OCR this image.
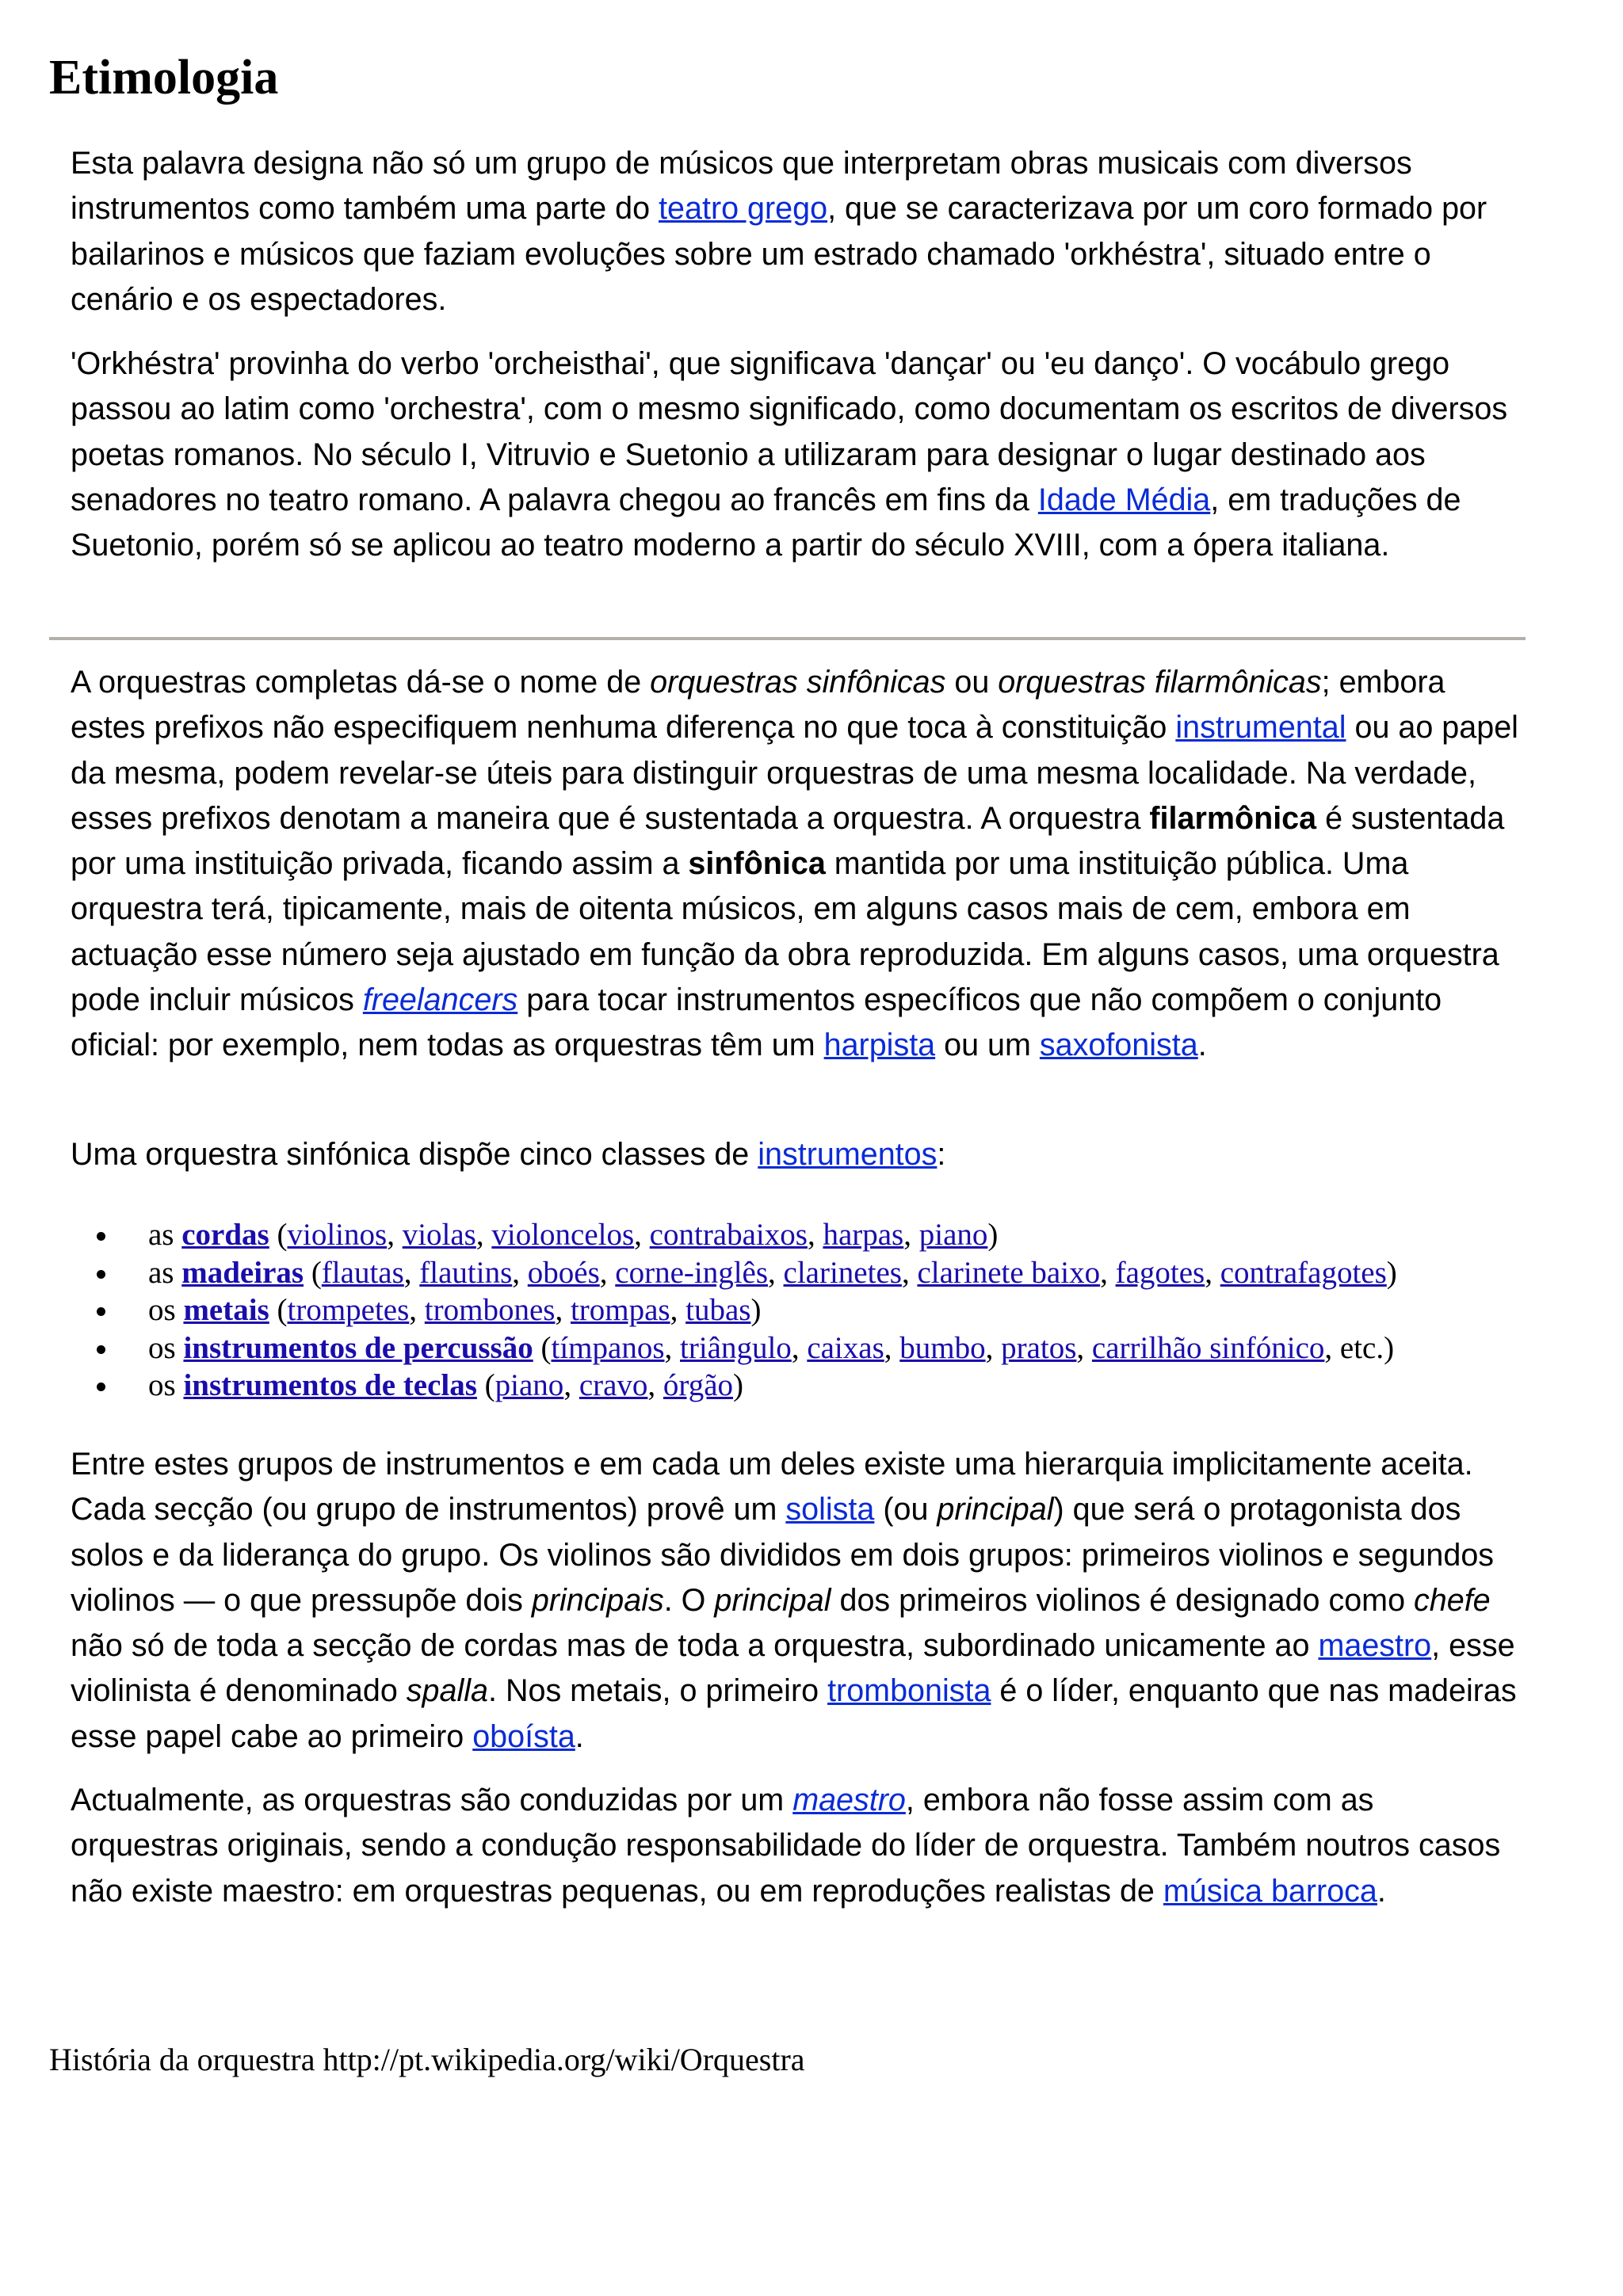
Etimologia

Esta palavra designa não só um grupo de músicos que interpretam obras musicais com diversos instrumentos como também uma parte do teatro grego, que se caracterizava por um coro formado por bailarinos e músicos que faziam evoluções sobre um estrado chamado 'orkhéstra', situado entre o cenário e os espectadores.

'Orkhéstra' provinha do verbo 'orcheisthai', que significava 'dançar' ou 'eu danço'. O vocábulo grego passou ao latim como 'orchestra', com o mesmo significado, como documentam os escritos de diversos poetas romanos. No século I, Vitruvio e Suetonio a utilizaram para designar o lugar destinado aos senadores no teatro romano. A palavra chegou ao francês em fins da Idade Média, em traduções de Suetonio, porém só se aplicou ao teatro moderno a partir do século XVIII, com a ópera italiana.

A orquestras completas dá-se o nome de orquestras sinfônicas ou orquestras filarmônicas; embora estes prefixos não especifiquem nenhuma diferença no que toca à constituição instrumental ou ao papel da mesma, podem revelar-se úteis para distinguir orquestras de uma mesma localidade. Na verdade, esses prefixos denotam a maneira que é sustentada a orquestra. A orquestra filarmônica é sustentada por uma instituição privada, ficando assim a sinfônica mantida por uma instituição pública. Uma orquestra terá, tipicamente, mais de oitenta músicos, em alguns casos mais de cem, embora em actuação esse número seja ajustado em função da obra reproduzida. Em alguns casos, uma orquestra pode incluir músicos freelancers para tocar instrumentos específicos que não compõem o conjunto oficial: por exemplo, nem todas as orquestras têm um harpista ou um saxofonista.

Uma orquestra sinfónica dispõe cinco classes de instrumentos:

as cordas (violinos, violas, violoncelos, contrabaixos, harpas, piano)
as madeiras (flautas, flautins, oboés, corne-inglês, clarinetes, clarinete baixo, fagotes, contrafagotes)
os metais (trompetes, trombones, trompas, tubas)
os instrumentos de percussão (tímpanos, triângulo, caixas, bumbo, pratos, carrilhão sinfónico, etc.)
os instrumentos de teclas (piano, cravo, órgão)

Entre estes grupos de instrumentos e em cada um deles existe uma hierarquia implicitamente aceita. Cada secção (ou grupo de instrumentos) provê um solista (ou principal) que será o protagonista dos solos e da liderança do grupo. Os violinos são divididos em dois grupos: primeiros violinos e segundos violinos — o que pressupõe dois principais. O principal dos primeiros violinos é designado como chefe não só de toda a secção de cordas mas de toda a orquestra, subordinado unicamente ao maestro, esse violinista é denominado spalla. Nos metais, o primeiro trombonista é o líder, enquanto que nas madeiras esse papel cabe ao primeiro oboísta.

Actualmente, as orquestras são conduzidas por um maestro, embora não fosse assim com as orquestras originais, sendo a condução responsabilidade do líder de orquestra. Também noutros casos não existe maestro: em orquestras pequenas, ou em reproduções realistas de música barroca.

História da orquestra http://pt.wikipedia.org/wiki/Orquestra
